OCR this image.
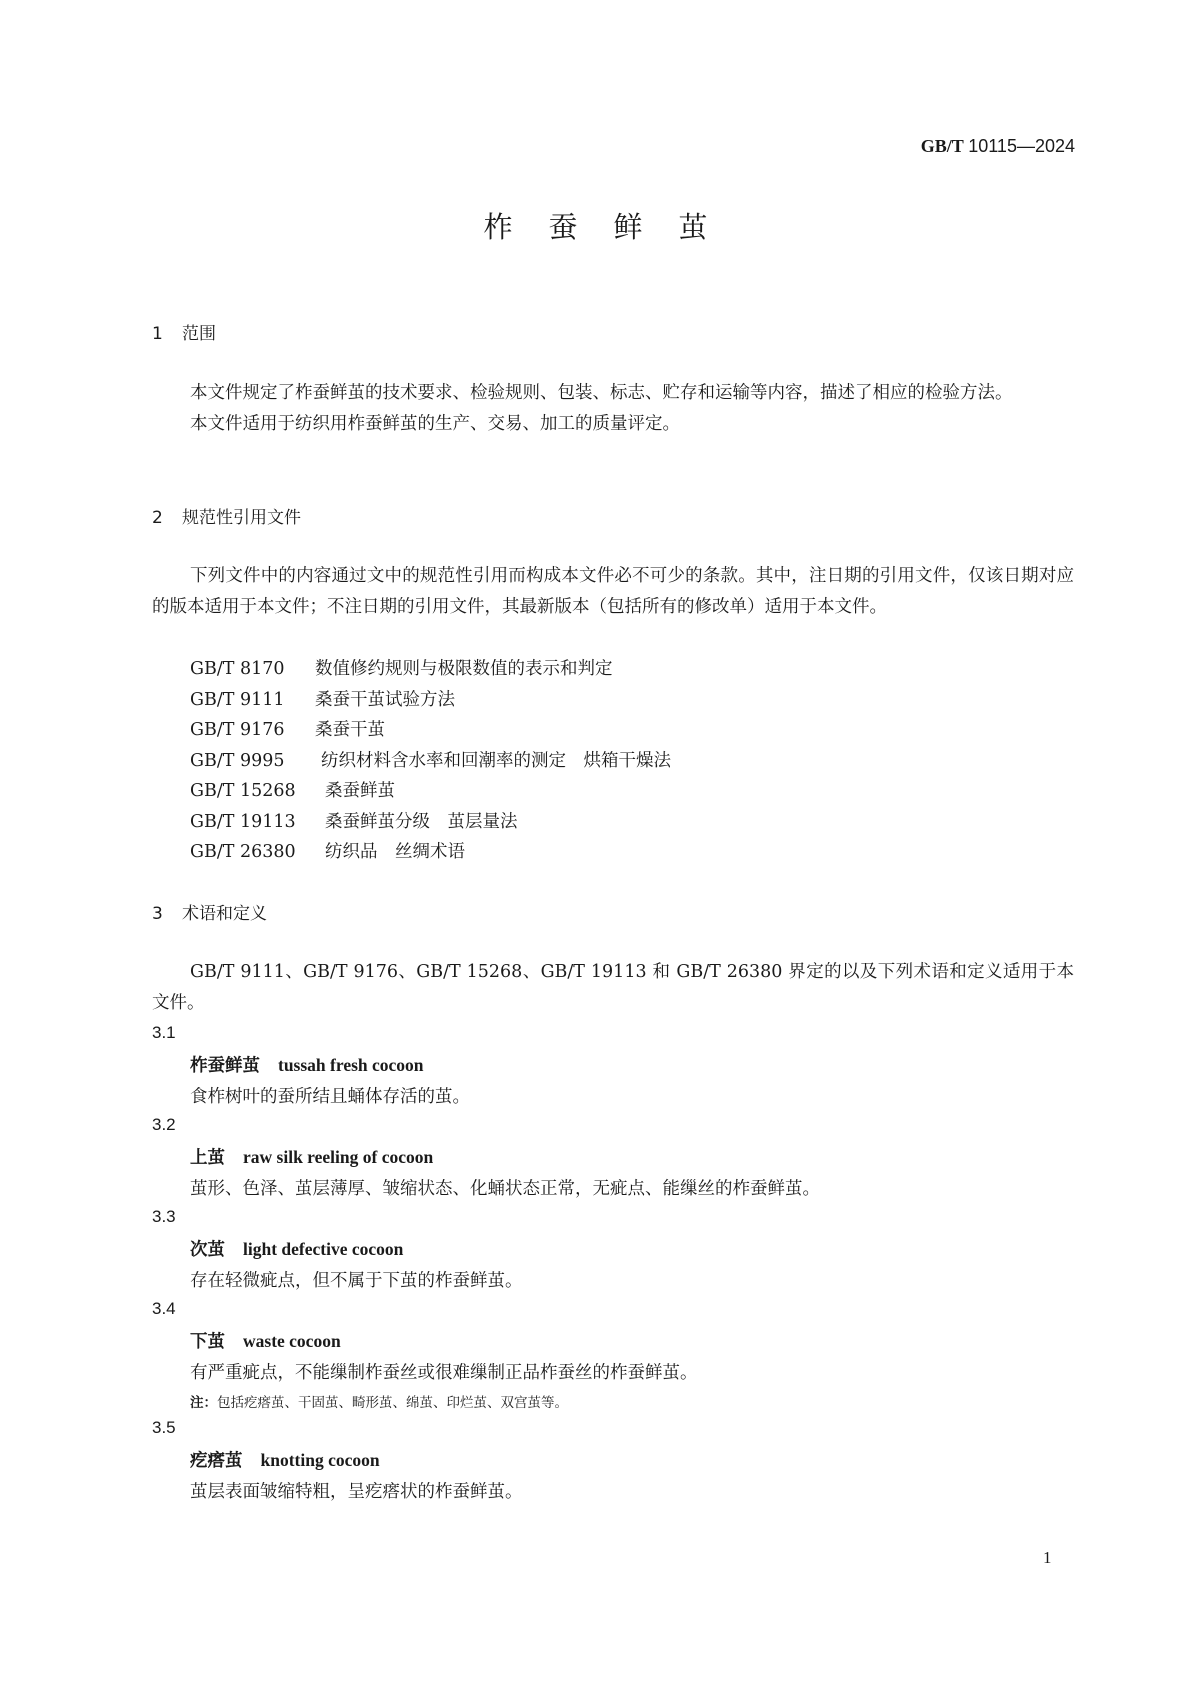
GB/T 10115—2024
柞蚕鲜茧
1 范围

本文件规定了柞蚕鲜茧的技术要求、检验规则、包装、标志、贮存和运输等内容，描述了相应的检验方法。

本文件适用于纺织用柞蚕鲜茧的生产、交易、加工的质量评定。

2 规范性引用文件

下列文件中的内容通过文中的规范性引用而构成本文件必不可少的条款。其中，注日期的引用文件，仅该日期对应的版本适用于本文件；不注日期的引用文件，其最新版本（包括所有的修改单）适用于本文件。

GB/T 8170 数值修约规则与极限数值的表示和判定
GB/T 9111 桑蚕干茧试验方法
GB/T 9176 桑蚕干茧
GB/T 9995 纺织材料含水率和回潮率的测定　烘箱干燥法
GB/T 15268 桑蚕鲜茧
GB/T 19113 桑蚕鲜茧分级　茧层量法
GB/T 26380 纺织品　丝绸术语
3 术语和定义

GB/T 9111、GB/T 9176、GB/T 15268、GB/T 19113 和 GB/T 26380 界定的以及下列术语和定义适用于本文件。

3.1
柞蚕鲜茧 tussah fresh cocoon
食柞树叶的蚕所结且蛹体存活的茧。
3.2
上茧 raw silk reeling of cocoon
茧形、色泽、茧层薄厚、皱缩状态、化蛹状态正常，无疵点、能缫丝的柞蚕鲜茧。
3.3
次茧 light defective cocoon
存在轻微疵点，但不属于下茧的柞蚕鲜茧。
3.4
下茧 waste cocoon
有严重疵点，不能缫制柞蚕丝或很难缫制正品柞蚕丝的柞蚕鲜茧。
注：包括疙瘩茧、干固茧、畸形茧、绵茧、印烂茧、双宫茧等。
3.5
疙瘩茧 knotting cocoon
茧层表面皱缩特粗，呈疙瘩状的柞蚕鲜茧。
1
